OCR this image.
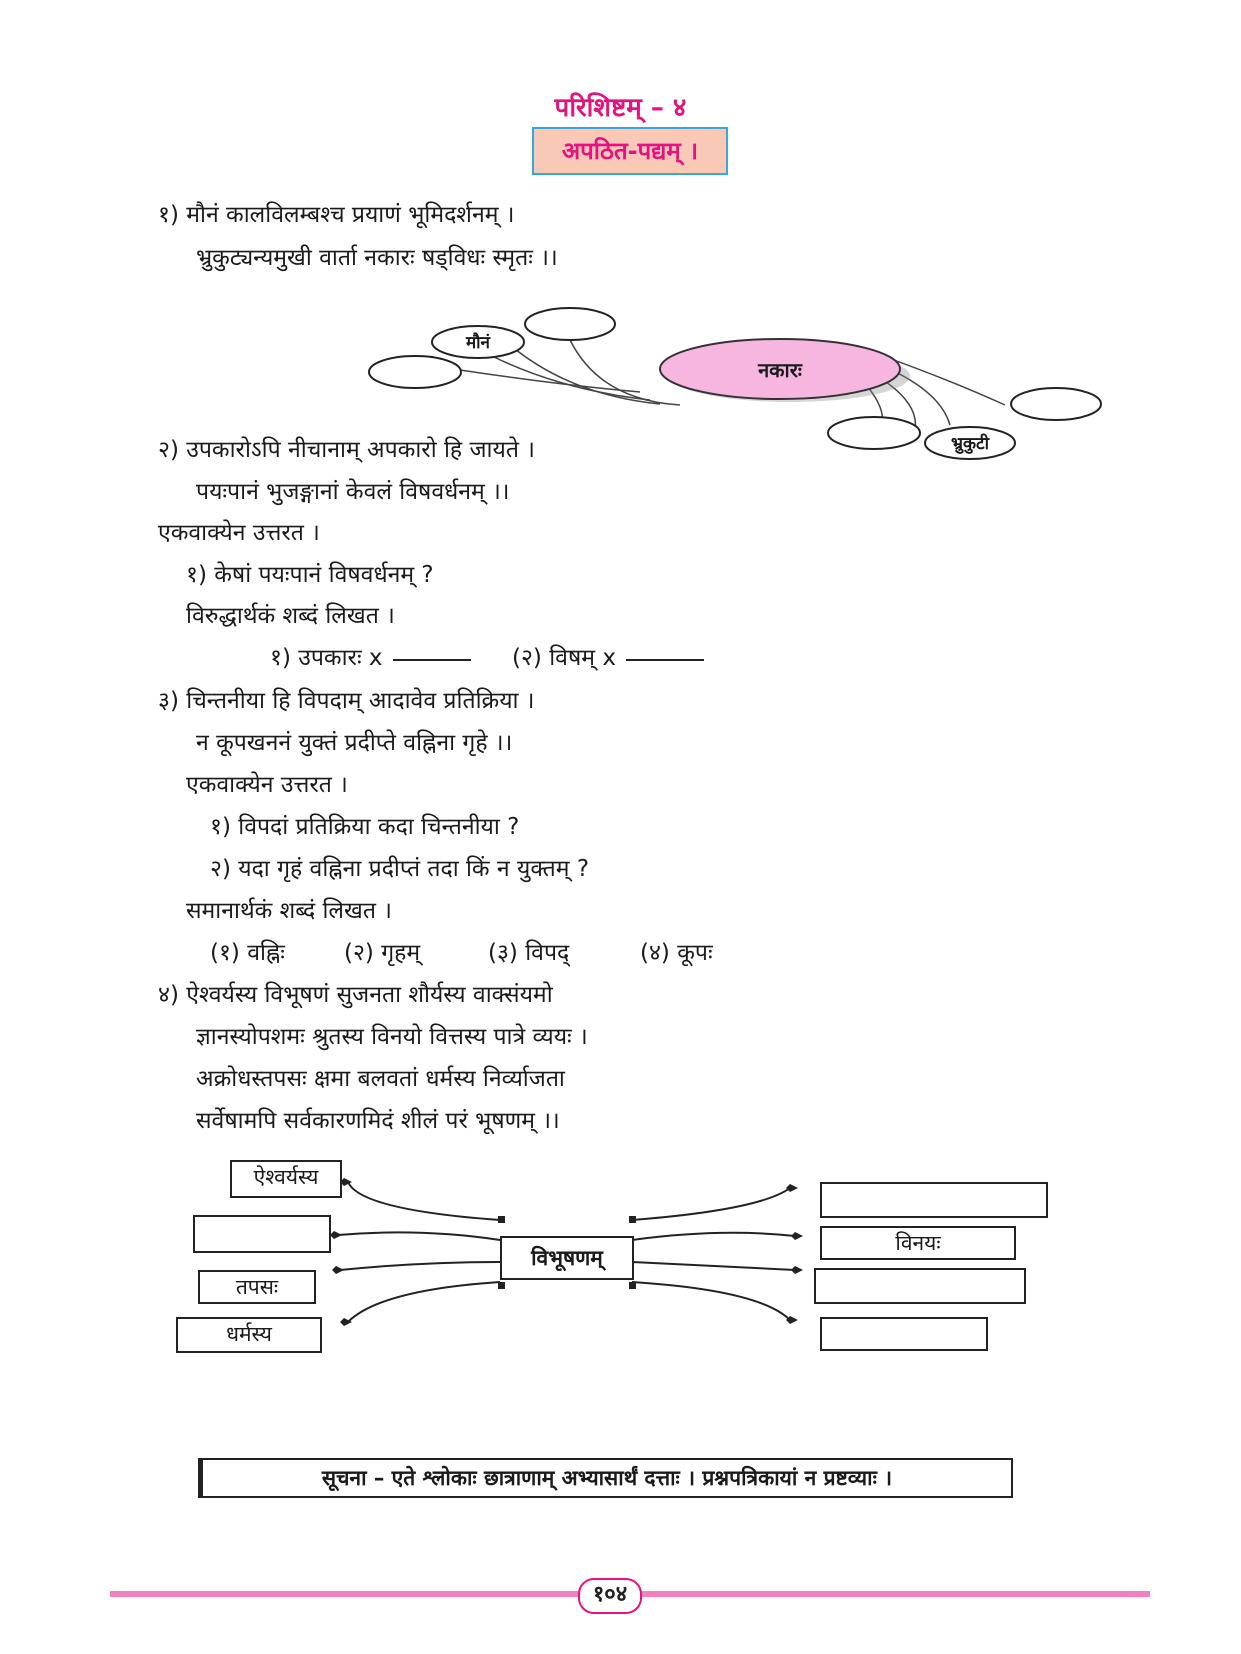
परिशिष्टम् – ४
अपठित-पद्यम् ।
१) मौनं कालविलम्बश्च प्रयाणं भूमिदर्शनम् ।
भ्रुकुट्यन्यमुखी वार्ता नकारः षड्विधः स्मृतः ।।
नकारः
मौनं
भ्रुकुटी
२) उपकारोऽपि नीचानाम् अपकारो हि जायते ।
पयःपानं भुजङ्गानां केवलं विषवर्धनम् ।।
एकवाक्येन उत्तरत ।
१) केषां पयःपानं विषवर्धनम् ?
विरुद्धार्थकं शब्दं लिखत ।
१) उपकारः x	(२) विषम् x
३) चिन्तनीया हि विपदाम् आदावेव प्रतिक्रिया ।
न कूपखननं युक्तं प्रदीप्ते वह्निना गृहे ।।
एकवाक्येन उत्तरत ।
१) विपदां प्रतिक्रिया कदा चिन्तनीया ?
२) यदा गृहं वह्निना प्रदीप्तं तदा किं न युक्तम् ?
समानार्थकं शब्दं लिखत ।
(१) वह्निः	(२) गृहम्	(३) विपद्	(४) कूपः
४) ऐश्वर्यस्य विभूषणं सुजनता शौर्यस्य वाक्संयमो
ज्ञानस्योपशमः श्रुतस्य विनयो वित्तस्य पात्रे व्ययः ।
अक्रोधस्तपसः क्षमा बलवतां धर्मस्य निर्व्याजता
सर्वेषामपि सर्वकारणमिदं शीलं परं भूषणम् ।।
विभूषणम्
ऐश्वर्यस्य
तपसः
धर्मस्य
विनयः
सूचना – एते श्लोकाः छात्राणाम् अभ्यासार्थं दत्ताः । प्रश्नपत्रिकायां न प्रष्टव्याः ।
१०४
